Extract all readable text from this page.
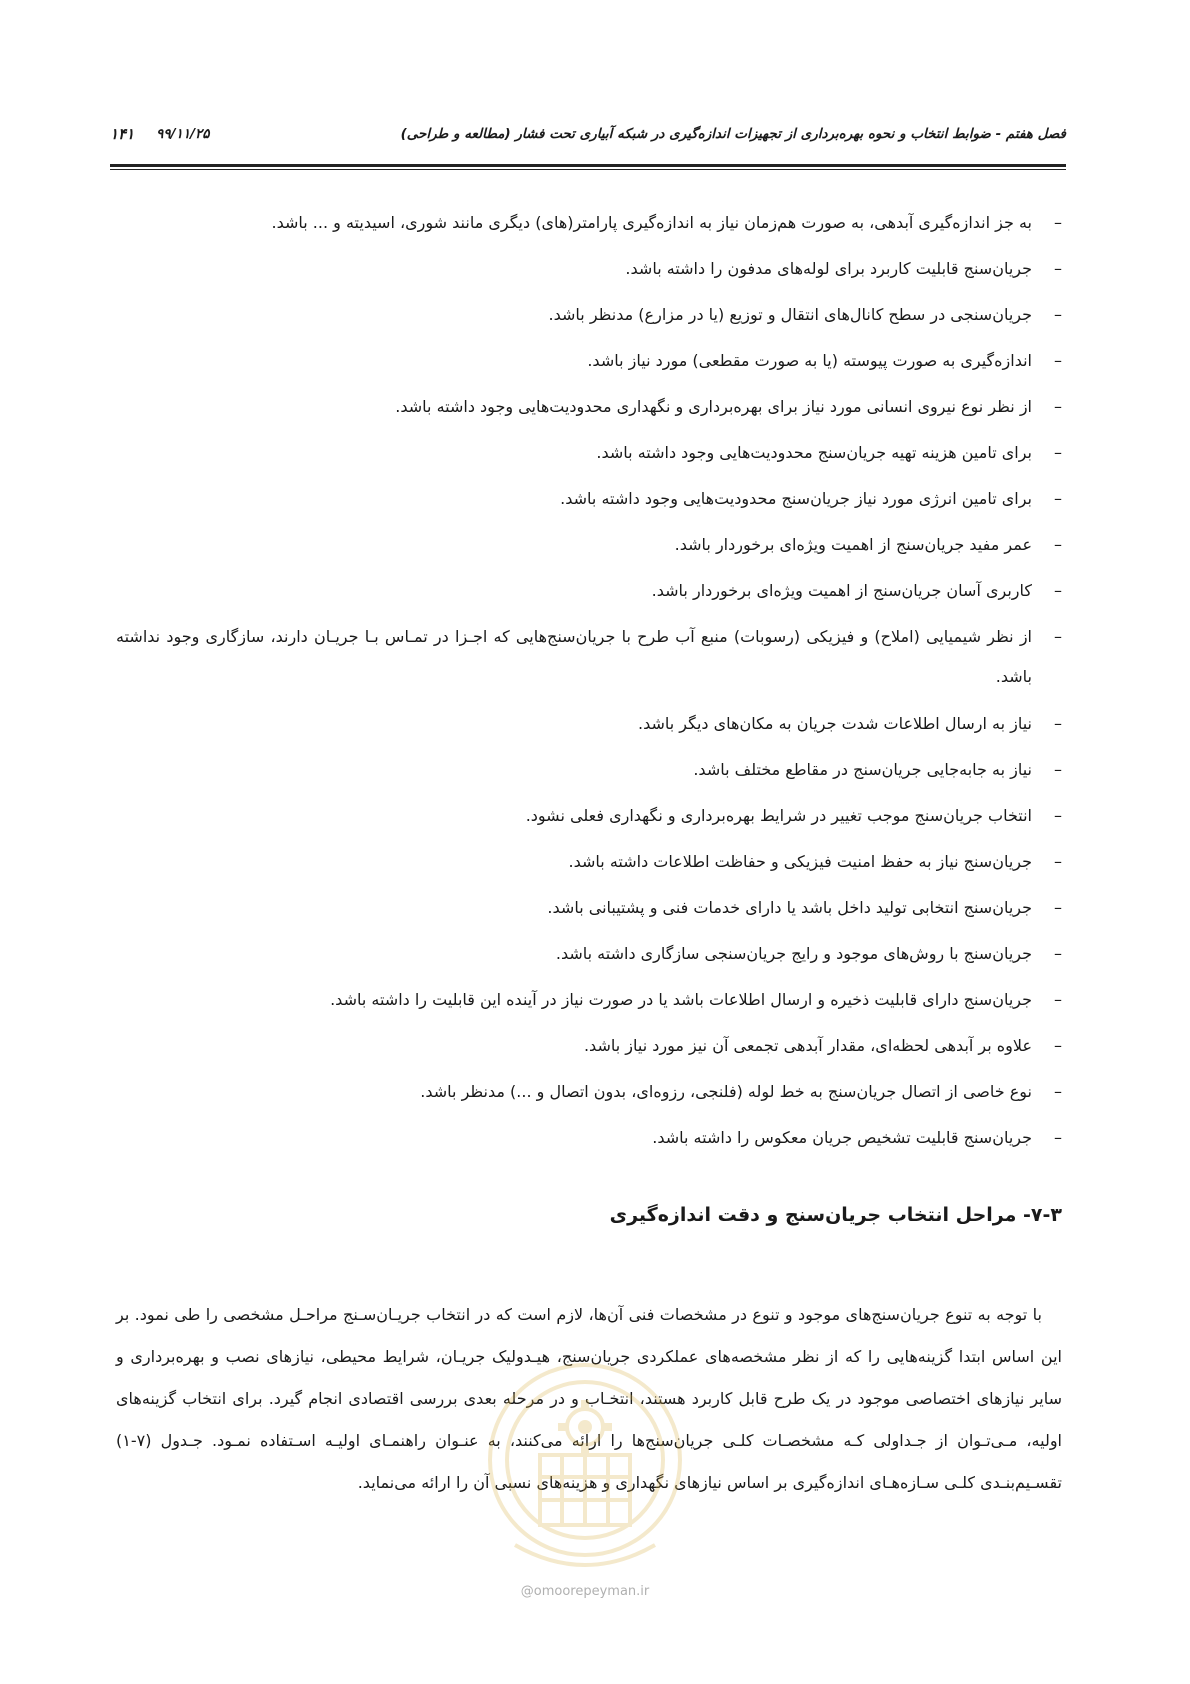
فصل هفتم - ضوابط انتخاب و نحوه بهره‌برداری از تجهیزات اندازه‌گیری در شبکه آبیاری تحت فشار (مطالعه و طراحی)
۹۹/۱۱/۲۵
۱۴۱
–
به جز اندازه‌گیری آبدهی، به صورت هم‌زمان نیاز به اندازه‌گیری پارامتر(های) دیگری مانند شوری، اسیدیته و ... باشد.
–
جریان‌سنج قابلیت کاربرد برای لوله‌های مدفون را داشته باشد.
–
جریان‌سنجی در سطح کانال‌های انتقال و توزیع (یا در مزارع) مدنظر باشد.
–
اندازه‌گیری به صورت پیوسته (یا به صورت مقطعی) مورد نیاز باشد.
–
از نظر نوع نیروی انسانی مورد نیاز برای بهره‌برداری و نگهداری محدودیت‌هایی وجود داشته باشد.
–
برای تامین هزینه تهیه جریان‌سنج محدودیت‌هایی وجود داشته باشد.
–
برای تامین انرژی مورد نیاز جریان‌سنج محدودیت‌هایی وجود داشته باشد.
–
عمر مفید جریان‌سنج از اهمیت ویژه‌ای برخوردار باشد.
–
کاربری آسان جریان‌سنج از اهمیت ویژه‌ای برخوردار باشد.
–
از نظر شیمیایی (املاح) و فیزیکی (رسوبات) منبع آب طرح با جریان‌سنج‌هایی که اجـزا در تمـاس بـا جریـان دارند، سازگاری وجود نداشته باشد.
–
نیاز به ارسال اطلاعات شدت جریان به مکان‌های دیگر باشد.
–
نیاز به جابه‌جایی جریان‌سنج در مقاطع مختلف باشد.
–
انتخاب جریان‌سنج موجب تغییر در شرایط بهره‌برداری و نگهداری فعلی نشود.
–
جریان‌سنج نیاز به حفظ امنیت فیزیکی و حفاظت اطلاعات داشته باشد.
–
جریان‌سنج انتخابی تولید داخل باشد یا دارای خدمات فنی و پشتیبانی باشد.
–
جریان‌سنج با روش‌های موجود و رایج جریان‌سنجی سازگاری داشته باشد.
–
جریان‌سنج دارای قابلیت ذخیره و ارسال اطلاعات باشد یا در صورت نیاز در آینده این قابلیت را داشته باشد.
–
علاوه بر آبدهی لحظه‌ای، مقدار آبدهی تجمعی آن نیز مورد نیاز باشد.
–
نوع خاصی از اتصال جریان‌سنج به خط لوله (فلنجی، رزوه‌ای، بدون اتصال و ...) مدنظر باشد.
–
جریان‌سنج قابلیت تشخیص جریان معکوس را داشته باشد.
۷-۳- مراحل انتخاب جریان‌سنج و دقت اندازه‌گیری

با توجه به تنوع جریان‌سنج‌های موجود و تنوع در مشخصات فنی آن‌ها، لازم است که در انتخاب جریـان‌سـنج مراحـل مشخصی را طی نمود. بر این اساس ابتدا گزینه‌هایی را که از نظر مشخصه‌های عملکردی جریان‌سنج، هیـدولیک جریـان، شرایط محیطی، نیازهای نصب و بهره‌برداری و سایر نیازهای اختصاصی موجود در یک طرح قابل کاربرد هستند، انتخـاب و در مرحله بعدی بررسی اقتصادی انجام گیرد. برای انتخاب گزینه‌های اولیه، مـی‌تـوان از جـداولی کـه مشخصـات کلـی جریان‌سنج‌ها را ارائه می‌کنند، به عنـوان راهنمـای اولیـه اسـتفاده نمـود. جـدول (۷-۱) تقسـیم‌بنـدی کلـی سـازه‌هـای اندازه‌گیری بر اساس نیازهای نگهداری و هزینه‌های نسبی آن را ارائه می‌نماید.

@omoorepeyman.ir
